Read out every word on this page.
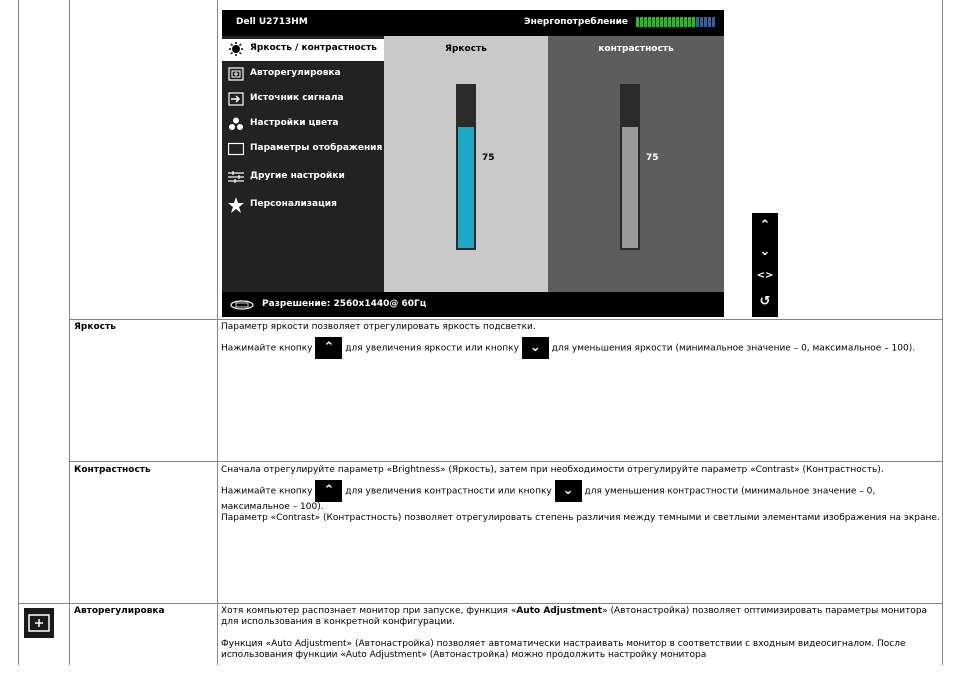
Dell U2713HM	Энергопотребление
Яркость / контрастность
Авторегулировка
Источник сигнала
Настройки цвета
Параметры отображения
Другие настройки
Персонализация
Яркость
75
контрастность
75
Разрешение: 2560x1440@ 60Гц
⌃
⌄
<>
↺
Яркость	Параметр яркости позволяет отрегулировать яркость подсветки.

Нажимайте кнопку ⌃ для увеличения яркости или кнопку ⌄ для уменьшения яркости (минимальное значение – 0, максимальное – 100).

Контрастность	Сначала отрегулируйте параметр «Brightness» (Яркость), затем при необходимости отрегулируйте параметр «Contrast» (Контрастность).

Нажимайте кнопку ⌃ для увеличения контрастности или кнопку ⌄ для уменьшения контрастности (минимальное значение – 0, максимальное – 100).

Параметр «Contrast» (Контрастность) позволяет отрегулировать степень различия между темными и светлыми элементами изображения на экране.

Авторегулировка	Хотя компьютер распознает монитор при запуске, функция «Auto Adjustment» (Автонастройка) позволяет оптимизировать параметры монитора для использования в конкретной конфигурации.

Функция «Auto Adjustment» (Автонастройка) позволяет автоматически настраивать монитор в соответствии с входным видеосигналом. После использования функции «Auto Adjustment» (Автонастройка) можно продолжить настройку монитора
